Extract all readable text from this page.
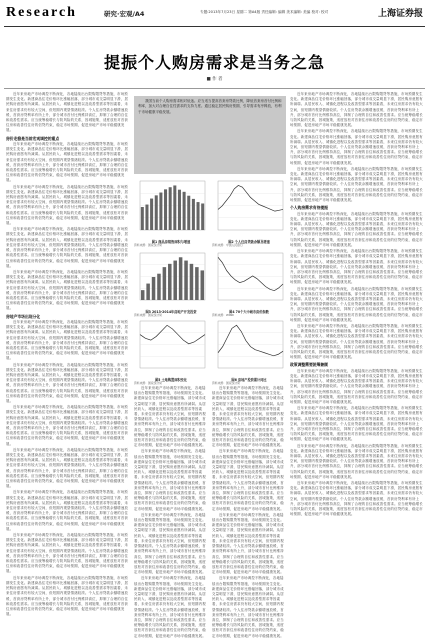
Research	研究·宏观/A4	专题:2013年7月23日 星期二 第A4版 责任编辑: 编辑 美术编辑: 美编 校对: 校对	上海证券报
提振个人购房需求是当务之急
■ 作 者

我国当前个人购房需求相对低迷。应当适当提高首套房贷款比例，降低首套房首付比例和利率，加大对合理自住性需求的支持力度。通过稳定居民购房预期，引导需求有序释放，有利于市场健康平稳发展。

近年来房地产市场调控不断深化，各地陆续出台限购限贷等措施，市场预期发生变化。新建商品住宅价格环比涨幅回落，部分城市成交量明显下滑，居民购房意愿有所减弱。从居民收入、城镇化进程以及改善型需求等因素看，未来住房需求仍有较大空间，但短期内观望情绪较浓。个人住房贷款余额增速放缓，首套房贷利率有所上升，部分城市首付比例维持高位，抑制了合理的自住和改善性需求。应当统筹稳增长与防风险的关系，因城施策，适度放松对首套住房和改善性住房的信贷约束，稳定市场预期，促进房地产市场平稳健康发展。

房价走稳是当前宏观调控的重点

近年来房地产市场调控不断深化，各地陆续出台限购限贷等措施，市场预期发生变化。新建商品住宅价格环比涨幅回落，部分城市成交量明显下滑，居民购房意愿有所减弱。从居民收入、城镇化进程以及改善型需求等因素看，未来住房需求仍有较大空间，但短期内观望情绪较浓。个人住房贷款余额增速放缓，首套房贷利率有所上升，部分城市首付比例维持高位，抑制了合理的自住和改善性需求。应当统筹稳增长与防风险的关系，因城施策，适度放松对首套住房和改善性住房的信贷约束，稳定市场预期，促进房地产市场平稳健康发展。

近年来房地产市场调控不断深化，各地陆续出台限购限贷等措施，市场预期发生变化。新建商品住宅价格环比涨幅回落，部分城市成交量明显下滑，居民购房意愿有所减弱。从居民收入、城镇化进程以及改善型需求等因素看，未来住房需求仍有较大空间，但短期内观望情绪较浓。个人住房贷款余额增速放缓，首套房贷利率有所上升，部分城市首付比例维持高位，抑制了合理的自住和改善性需求。应当统筹稳增长与防风险的关系，因城施策，适度放松对首套住房和改善性住房的信贷约束，稳定市场预期，促进房地产市场平稳健康发展。

近年来房地产市场调控不断深化，各地陆续出台限购限贷等措施，市场预期发生变化。新建商品住宅价格环比涨幅回落，部分城市成交量明显下滑，居民购房意愿有所减弱。从居民收入、城镇化进程以及改善型需求等因素看，未来住房需求仍有较大空间，但短期内观望情绪较浓。个人住房贷款余额增速放缓，首套房贷利率有所上升，部分城市首付比例维持高位，抑制了合理的自住和改善性需求。应当统筹稳增长与防风险的关系，因城施策，适度放松对首套住房和改善性住房的信贷约束，稳定市场预期，促进房地产市场平稳健康发展。

近年来房地产市场调控不断深化，各地陆续出台限购限贷等措施，市场预期发生变化。新建商品住宅价格环比涨幅回落，部分城市成交量明显下滑，居民购房意愿有所减弱。从居民收入、城镇化进程以及改善型需求等因素看，未来住房需求仍有较大空间，但短期内观望情绪较浓。个人住房贷款余额增速放缓，首套房贷利率有所上升，部分城市首付比例维持高位，抑制了合理的自住和改善性需求。应当统筹稳增长与防风险的关系，因城施策，适度放松对首套住房和改善性住房的信贷约束，稳定市场预期，促进房地产市场平稳健康发展。

房地产市场出现分化

近年来房地产市场调控不断深化，各地陆续出台限购限贷等措施，市场预期发生变化。新建商品住宅价格环比涨幅回落，部分城市成交量明显下滑，居民购房意愿有所减弱。从居民收入、城镇化进程以及改善型需求等因素看，未来住房需求仍有较大空间，但短期内观望情绪较浓。个人住房贷款余额增速放缓，首套房贷利率有所上升，部分城市首付比例维持高位，抑制了合理的自住和改善性需求。应当统筹稳增长与防风险的关系，因城施策，适度放松对首套住房和改善性住房的信贷约束，稳定市场预期，促进房地产市场平稳健康发展。

近年来房地产市场调控不断深化，各地陆续出台限购限贷等措施，市场预期发生变化。新建商品住宅价格环比涨幅回落，部分城市成交量明显下滑，居民购房意愿有所减弱。从居民收入、城镇化进程以及改善型需求等因素看，未来住房需求仍有较大空间，但短期内观望情绪较浓。个人住房贷款余额增速放缓，首套房贷利率有所上升，部分城市首付比例维持高位，抑制了合理的自住和改善性需求。应当统筹稳增长与防风险的关系，因城施策，适度放松对首套住房和改善性住房的信贷约束，稳定市场预期，促进房地产市场平稳健康发展。

近年来房地产市场调控不断深化，各地陆续出台限购限贷等措施，市场预期发生变化。新建商品住宅价格环比涨幅回落，部分城市成交量明显下滑，居民购房意愿有所减弱。从居民收入、城镇化进程以及改善型需求等因素看，未来住房需求仍有较大空间，但短期内观望情绪较浓。个人住房贷款余额增速放缓，首套房贷利率有所上升，部分城市首付比例维持高位，抑制了合理的自住和改善性需求。应当统筹稳增长与防风险的关系，因城施策，适度放松对首套住房和改善性住房的信贷约束，稳定市场预期，促进房地产市场平稳健康发展。

近年来房地产市场调控不断深化，各地陆续出台限购限贷等措施，市场预期发生变化。新建商品住宅价格环比涨幅回落，部分城市成交量明显下滑，居民购房意愿有所减弱。从居民收入、城镇化进程以及改善型需求等因素看，未来住房需求仍有较大空间，但短期内观望情绪较浓。个人住房贷款余额增速放缓，首套房贷利率有所上升，部分城市首付比例维持高位，抑制了合理的自住和改善性需求。应当统筹稳增长与防风险的关系，因城施策，适度放松对首套住房和改善性住房的信贷约束，稳定市场预期，促进房地产市场平稳健康发展。

近年来房地产市场调控不断深化，各地陆续出台限购限贷等措施，市场预期发生变化。新建商品住宅价格环比涨幅回落，部分城市成交量明显下滑，居民购房意愿有所减弱。从居民收入、城镇化进程以及改善型需求等因素看，未来住房需求仍有较大空间，但短期内观望情绪较浓。个人住房贷款余额增速放缓，首套房贷利率有所上升，部分城市首付比例维持高位，抑制了合理的自住和改善性需求。应当统筹稳增长与防风险的关系，因城施策，适度放松对首套住房和改善性住房的信贷约束，稳定市场预期，促进房地产市场平稳健康发展。

近年来房地产市场调控不断深化，各地陆续出台限购限贷等措施，市场预期发生变化。新建商品住宅价格环比涨幅回落，部分城市成交量明显下滑，居民购房意愿有所减弱。从居民收入、城镇化进程以及改善型需求等因素看，未来住房需求仍有较大空间，但短期内观望情绪较浓。个人住房贷款余额增速放缓，首套房贷利率有所上升，部分城市首付比例维持高位，抑制了合理的自住和改善性需求。应当统筹稳增长与防风险的关系，因城施策，适度放松对首套住房和改善性住房的信贷约束，稳定市场预期，促进房地产市场平稳健康发展。

近年来房地产市场调控不断深化，各地陆续出台限购限贷等措施，市场预期发生变化。新建商品住宅价格环比涨幅回落，部分城市成交量明显下滑，居民购房意愿有所减弱。从居民收入、城镇化进程以及改善型需求等因素看，未来住房需求仍有较大空间，但短期内观望情绪较浓。个人住房贷款余额增速放缓，首套房贷利率有所上升，部分城市首付比例维持高位，抑制了合理的自住和改善性需求。应当统筹稳增长与防风险的关系，因城施策，适度放松对首套住房和改善性住房的信贷约束，稳定市场预期，促进房地产市场平稳健康发展。

近年来房地产市场调控不断深化，各地陆续出台限购限贷等措施，市场预期发生变化。新建商品住宅价格环比涨幅回落，部分城市成交量明显下滑，居民购房意愿有所减弱。从居民收入、城镇化进程以及改善型需求等因素看，未来住房需求仍有较大空间，但短期内观望情绪较浓。个人住房贷款余额增速放缓，首套房贷利率有所上升，部分城市首付比例维持高位，抑制了合理的自住和改善性需求。应当统筹稳增长与防风险的关系，因城施策，适度放松对首套住房和改善性住房的信贷约束，稳定市场预期，促进房地产市场平稳健康发展。

近年来房地产市场调控不断深化，各地陆续出台限购限贷等措施，市场预期发生变化。新建商品住宅价格环比涨幅回落，部分城市成交量明显下滑，居民购房意愿有所减弱。从居民收入、城镇化进程以及改善型需求等因素看，未来住房需求仍有较大空间，但短期内观望情绪较浓。个人住房贷款余额增速放缓，首套房贷利率有所上升，部分城市首付比例维持高位，抑制了合理的自住和改善性需求。应当统筹稳增长与防风险的关系，因城施策，适度放松对首套住房和改善性住房的信贷约束，稳定市场预期，促进房地产市场平稳健康发展。

近年来房地产市场调控不断深化，各地陆续出台限购限贷等措施，市场预期发生变化。新建商品住宅价格环比涨幅回落，部分城市成交量明显下滑，居民购房意愿有所减弱。从居民收入、城镇化进程以及改善型需求等因素看，未来住房需求仍有较大空间，但短期内观望情绪较浓。个人住房贷款余额增速放缓，首套房贷利率有所上升，部分城市首付比例维持高位，抑制了合理的自住和改善性需求。应当统筹稳增长与防风险的关系，因城施策，适度放松对首套住房和改善性住房的信贷约束，稳定市场预期，促进房地产市场平稳健康发展。

个人购房需求有待提振

近年来房地产市场调控不断深化，各地陆续出台限购限贷等措施，市场预期发生变化。新建商品住宅价格环比涨幅回落，部分城市成交量明显下滑，居民购房意愿有所减弱。从居民收入、城镇化进程以及改善型需求等因素看，未来住房需求仍有较大空间，但短期内观望情绪较浓。个人住房贷款余额增速放缓，首套房贷利率有所上升，部分城市首付比例维持高位，抑制了合理的自住和改善性需求。应当统筹稳增长与防风险的关系，因城施策，适度放松对首套住房和改善性住房的信贷约束，稳定市场预期，促进房地产市场平稳健康发展。

近年来房地产市场调控不断深化，各地陆续出台限购限贷等措施，市场预期发生变化。新建商品住宅价格环比涨幅回落，部分城市成交量明显下滑，居民购房意愿有所减弱。从居民收入、城镇化进程以及改善型需求等因素看，未来住房需求仍有较大空间，但短期内观望情绪较浓。个人住房贷款余额增速放缓，首套房贷利率有所上升，部分城市首付比例维持高位，抑制了合理的自住和改善性需求。应当统筹稳增长与防风险的关系，因城施策，适度放松对首套住房和改善性住房的信贷约束，稳定市场预期，促进房地产市场平稳健康发展。

近年来房地产市场调控不断深化，各地陆续出台限购限贷等措施，市场预期发生变化。新建商品住宅价格环比涨幅回落，部分城市成交量明显下滑，居民购房意愿有所减弱。从居民收入、城镇化进程以及改善型需求等因素看，未来住房需求仍有较大空间，但短期内观望情绪较浓。个人住房贷款余额增速放缓，首套房贷利率有所上升，部分城市首付比例维持高位，抑制了合理的自住和改善性需求。应当统筹稳增长与防风险的关系，因城施策，适度放松对首套住房和改善性住房的信贷约束，稳定市场预期，促进房地产市场平稳健康发展。

近年来房地产市场调控不断深化，各地陆续出台限购限贷等措施，市场预期发生变化。新建商品住宅价格环比涨幅回落，部分城市成交量明显下滑，居民购房意愿有所减弱。从居民收入、城镇化进程以及改善型需求等因素看，未来住房需求仍有较大空间，但短期内观望情绪较浓。个人住房贷款余额增速放缓，首套房贷利率有所上升，部分城市首付比例维持高位，抑制了合理的自住和改善性需求。应当统筹稳增长与防风险的关系，因城施策，适度放松对首套住房和改善性住房的信贷约束，稳定市场预期，促进房地产市场平稳健康发展。

政策调整需要统筹兼顾

近年来房地产市场调控不断深化，各地陆续出台限购限贷等措施，市场预期发生变化。新建商品住宅价格环比涨幅回落，部分城市成交量明显下滑，居民购房意愿有所减弱。从居民收入、城镇化进程以及改善型需求等因素看，未来住房需求仍有较大空间，但短期内观望情绪较浓。个人住房贷款余额增速放缓，首套房贷利率有所上升，部分城市首付比例维持高位，抑制了合理的自住和改善性需求。应当统筹稳增长与防风险的关系，因城施策，适度放松对首套住房和改善性住房的信贷约束，稳定市场预期，促进房地产市场平稳健康发展。

近年来房地产市场调控不断深化，各地陆续出台限购限贷等措施，市场预期发生变化。新建商品住宅价格环比涨幅回落，部分城市成交量明显下滑，居民购房意愿有所减弱。从居民收入、城镇化进程以及改善型需求等因素看，未来住房需求仍有较大空间，但短期内观望情绪较浓。个人住房贷款余额增速放缓，首套房贷利率有所上升，部分城市首付比例维持高位，抑制了合理的自住和改善性需求。应当统筹稳增长与防风险的关系，因城施策，适度放松对首套住房和改善性住房的信贷约束，稳定市场预期，促进房地产市场平稳健康发展。

近年来房地产市场调控不断深化，各地陆续出台限购限贷等措施，市场预期发生变化。新建商品住宅价格环比涨幅回落，部分城市成交量明显下滑，居民购房意愿有所减弱。从居民收入、城镇化进程以及改善型需求等因素看，未来住房需求仍有较大空间，但短期内观望情绪较浓。个人住房贷款余额增速放缓，首套房贷利率有所上升，部分城市首付比例维持高位，抑制了合理的自住和改善性需求。应当统筹稳增长与防风险的关系，因城施策，适度放松对首套住房和改善性住房的信贷约束，稳定市场预期，促进房地产市场平稳健康发展。

近年来房地产市场调控不断深化，各地陆续出台限购限贷等措施，市场预期发生变化。新建商品住宅价格环比涨幅回落，部分城市成交量明显下滑，居民购房意愿有所减弱。从居民收入、城镇化进程以及改善型需求等因素看，未来住房需求仍有较大空间，但短期内观望情绪较浓。个人住房贷款余额增速放缓，首套房贷利率有所上升，部分城市首付比例维持高位，抑制了合理的自住和改善性需求。应当统筹稳增长与防风险的关系，因城施策，适度放松对首套住房和改善性住房的信贷约束，稳定市场预期，促进房地产市场平稳健康发展。

近年来房地产市场调控不断深化，各地陆续出台限购限贷等措施，市场预期发生变化。新建商品住宅价格环比涨幅回落，部分城市成交量明显下滑，居民购房意愿有所减弱。从居民收入、城镇化进程以及改善型需求等因素看，未来住房需求仍有较大空间，但短期内观望情绪较浓。个人住房贷款余额增速放缓，首套房贷利率有所上升，部分城市首付比例维持高位，抑制了合理的自住和改善性需求。应当统筹稳增长与防风险的关系，因城施策，适度放松对首套住房和改善性住房的信贷约束，稳定市场预期，促进房地产市场平稳健康发展。

近年来房地产市场调控不断深化，各地陆续出台限购限贷等措施，市场预期发生变化。新建商品住宅价格环比涨幅回落，部分城市成交量明显下滑，居民购房意愿有所减弱。从居民收入、城镇化进程以及改善型需求等因素看，未来住房需求仍有较大空间，但短期内观望情绪较浓。个人住房贷款余额增速放缓，首套房贷利率有所上升，部分城市首付比例维持高位，抑制了合理的自住和改善性需求。应当统筹稳增长与防风险的关系，因城施策，适度放松对首套住房和改善性住房的信贷约束，稳定市场预期，促进房地产市场平稳健康发展。

近年来房地产市场调控不断深化，各地陆续出台限购限贷等措施，市场预期发生变化。新建商品住宅价格环比涨幅回落，部分城市成交量明显下滑，居民购房意愿有所减弱。从居民收入、城镇化进程以及改善型需求等因素看，未来住房需求仍有较大空间，但短期内观望情绪较浓。个人住房贷款余额增速放缓，首套房贷利率有所上升，部分城市首付比例维持高位，抑制了合理的自住和改善性需求。应当统筹稳增长与防风险的关系，因城施策，适度放松对首套住房和改善性住房的信贷约束，稳定市场预期，促进房地产市场平稳健康发展。

近年来房地产市场调控不断深化，各地陆续出台限购限贷等措施，市场预期发生变化。新建商品住宅价格环比涨幅回落，部分城市成交量明显下滑，居民购房意愿有所减弱。从居民收入、城镇化进程以及改善型需求等因素看，未来住房需求仍有较大空间，但短期内观望情绪较浓。个人住房贷款余额增速放缓，首套房贷利率有所上升，部分城市首付比例维持高位，抑制了合理的自住和改善性需求。应当统筹稳增长与防风险的关系，因城施策，适度放松对首套住房和改善性住房的信贷约束，稳定市场预期，促进房地产市场平稳健康发展。

近年来房地产市场调控不断深化，各地陆续出台限购限贷等措施，市场预期发生变化。新建商品住宅价格环比涨幅回落，部分城市成交量明显下滑，居民购房意愿有所减弱。从居民收入、城镇化进程以及改善型需求等因素看，未来住房需求仍有较大空间，但短期内观望情绪较浓。个人住房贷款余额增速放缓，首套房贷利率有所上升，部分城市首付比例维持高位，抑制了合理的自住和改善性需求。应当统筹稳增长与防风险的关系，因城施策，适度放松对首套住房和改善性住房的信贷约束，稳定市场预期，促进房地产市场平稳健康发展。

近年来房地产市场调控不断深化，各地陆续出台限购限贷等措施，市场预期发生变化。新建商品住宅价格环比涨幅回落，部分城市成交量明显下滑，居民购房意愿有所减弱。从居民收入、城镇化进程以及改善型需求等因素看，未来住房需求仍有较大空间，但短期内观望情绪较浓。个人住房贷款余额增速放缓，首套房贷利率有所上升，部分城市首付比例维持高位，抑制了合理的自住和改善性需求。应当统筹稳增长与防风险的关系，因城施策，适度放松对首套住房和改善性住房的信贷约束，稳定市场预期，促进房地产市场平稳健康发展。

近年来房地产市场调控不断深化，各地陆续出台限购限贷等措施，市场预期发生变化。新建商品住宅价格环比涨幅回落，部分城市成交量明显下滑，居民购房意愿有所减弱。从居民收入、城镇化进程以及改善型需求等因素看，未来住房需求仍有较大空间，但短期内观望情绪较浓。个人住房贷款余额增速放缓，首套房贷利率有所上升，部分城市首付比例维持高位，抑制了合理的自住和改善性需求。应当统筹稳增长与防风险的关系，因城施策，适度放松对首套住房和改善性住房的信贷约束，稳定市场预期，促进房地产市场平稳健康发展。

近年来房地产市场调控不断深化，各地陆续出台限购限贷等措施，市场预期发生变化。新建商品住宅价格环比涨幅回落，部分城市成交量明显下滑，居民购房意愿有所减弱。从居民收入、城镇化进程以及改善型需求等因素看，未来住房需求仍有较大空间，但短期内观望情绪较浓。个人住房贷款余额增速放缓，首套房贷利率有所上升，部分城市首付比例维持高位，抑制了合理的自住和改善性需求。应当统筹稳增长与防风险的关系，因城施策，适度放松对首套住房和改善性住房的信贷约束，稳定市场预期，促进房地产市场平稳健康发展。

图1 商品房销售面积与增速
资料来源：国家统计局
图2 个人住房贷款余额及增速
资料来源：中国人民银行
图3 2013-2014年房地产开发投资
资料来源：国家统计局
图4 70个大中城市房价指数
资料来源：WIND
图5 土地购置面积变化
资料来源：国家统计局
图6 房地产投资累计同比
资料来源：国家统计局
